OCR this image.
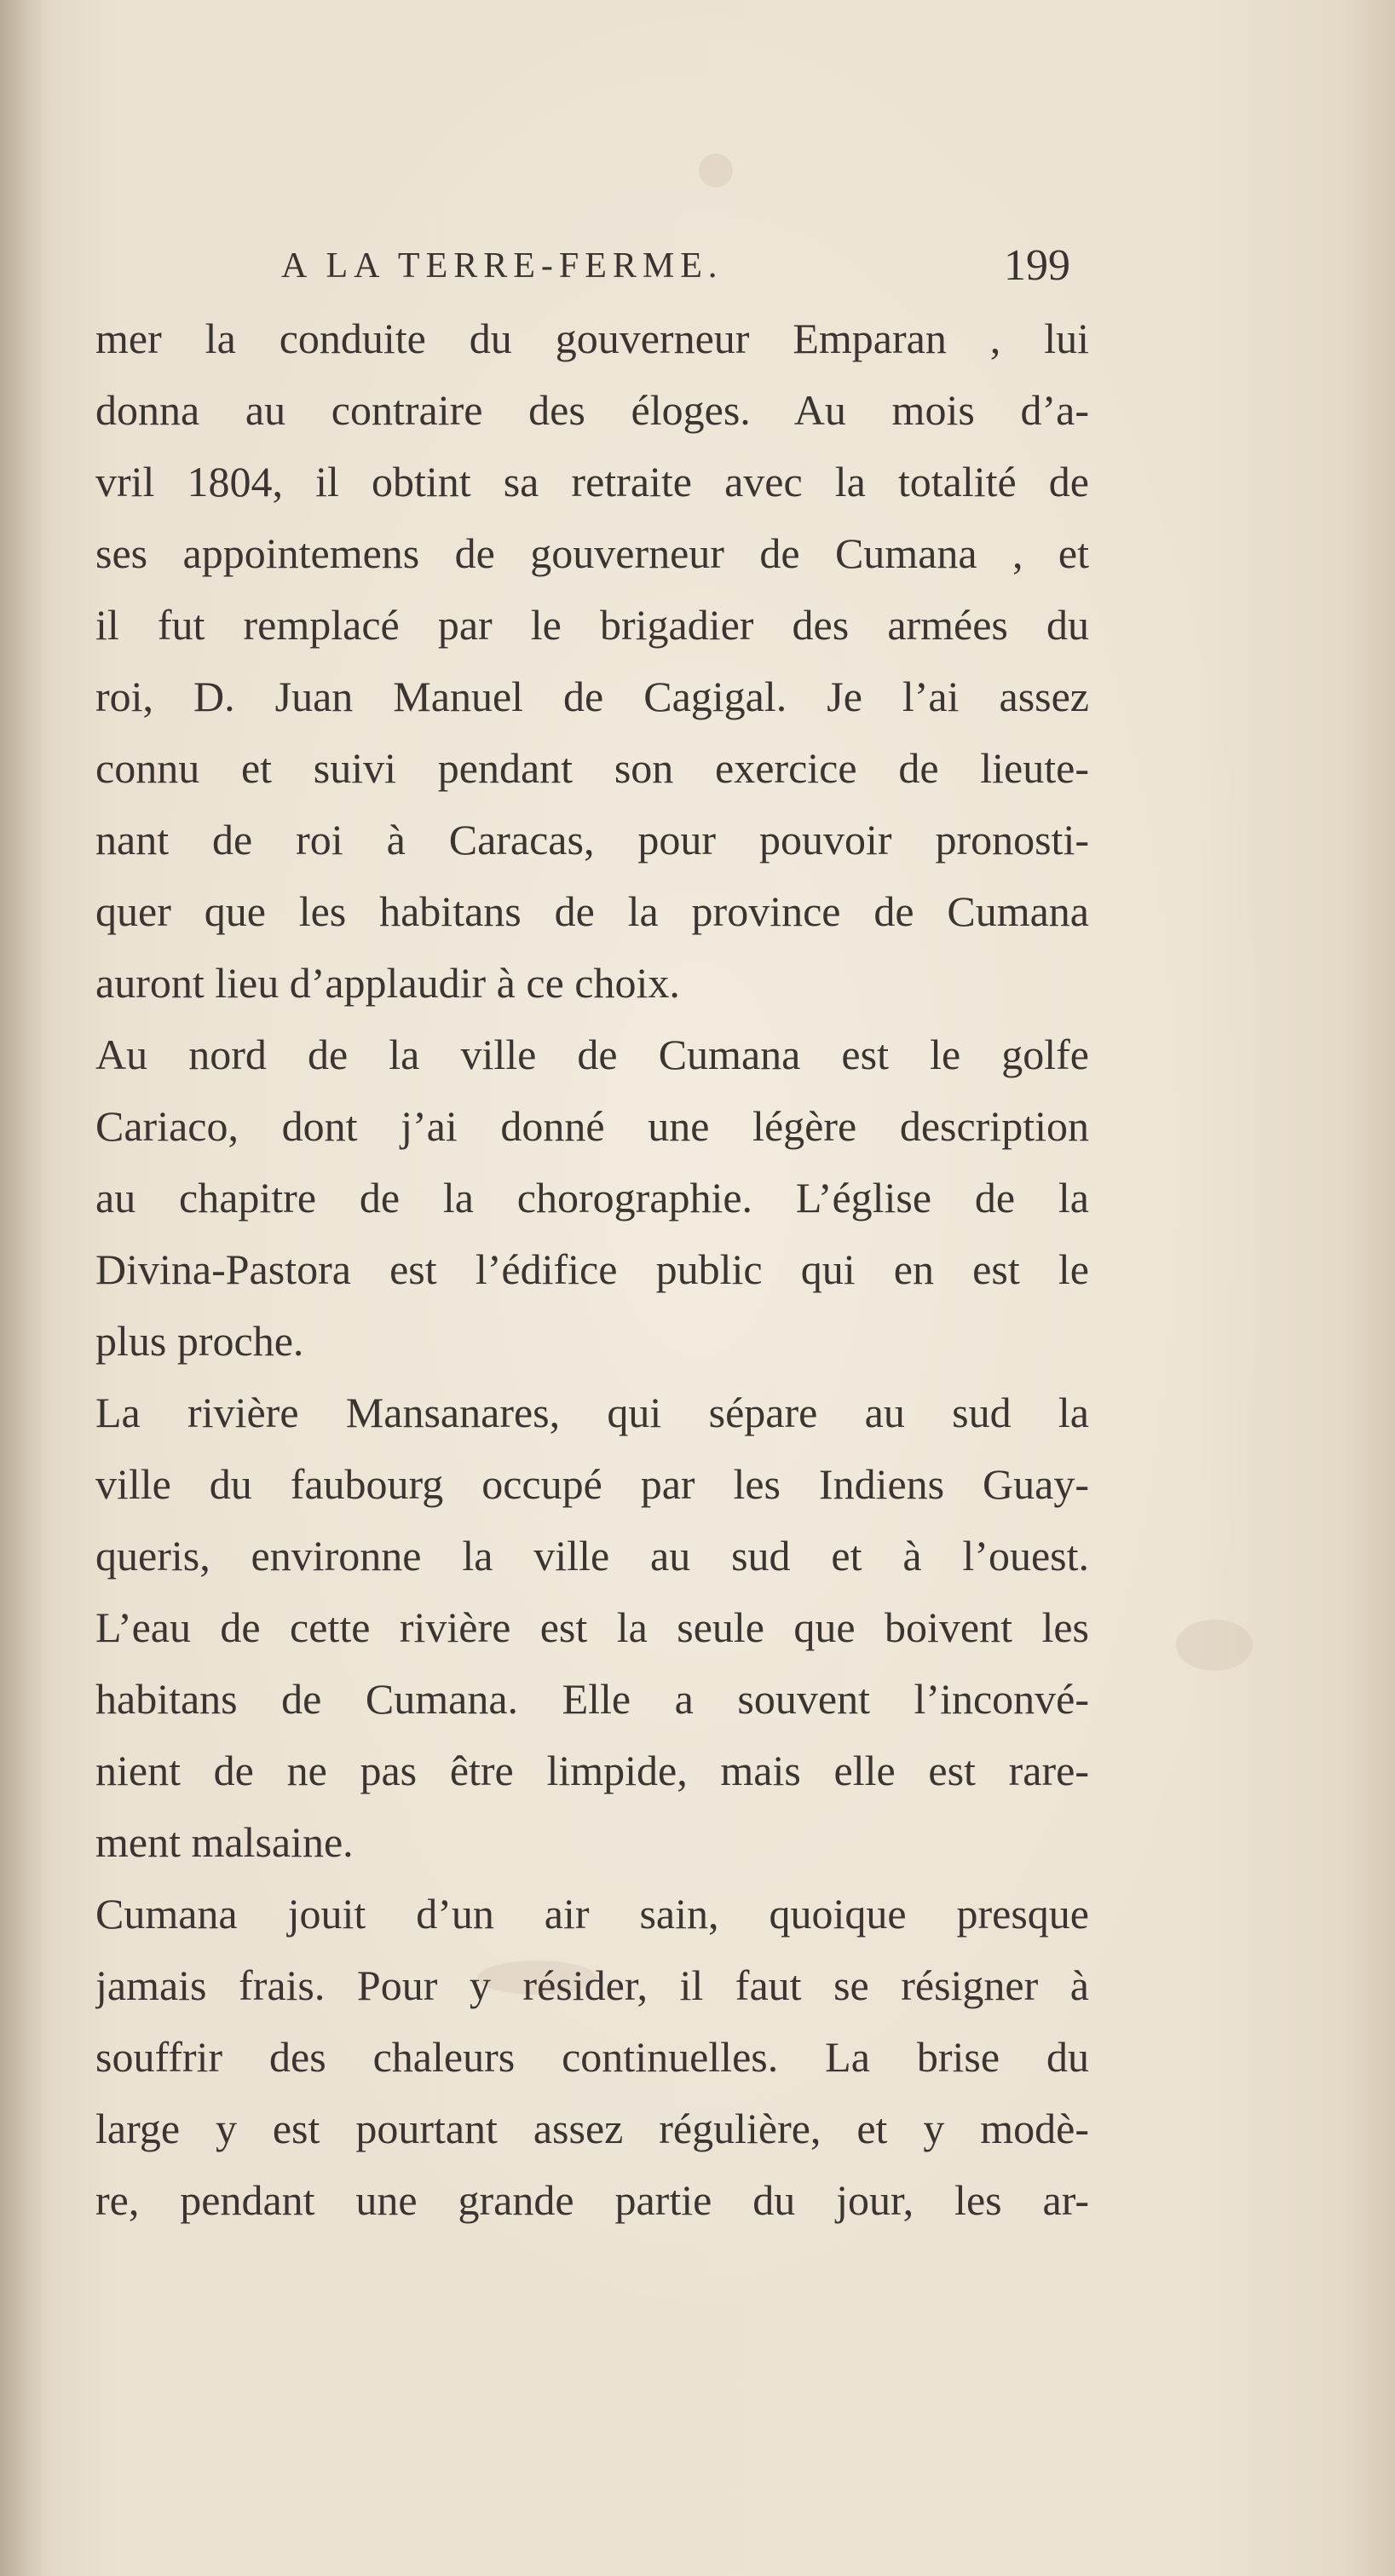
A LA TERRE-FERME.	199
mer la conduite du gouverneur Emparan , lui
donna au contraire des éloges. Au mois d’a-
vril 1804, il obtint sa retraite avec la totalité de
ses appointemens de gouverneur de Cumana , et
il fut remplacé par le brigadier des armées du
roi, D. Juan Manuel de Cagigal. Je l’ai assez
connu et suivi pendant son exercice de lieute-
nant de roi à Caracas, pour pouvoir pronosti-
quer que les habitans de la province de Cumana
auront lieu d’applaudir à ce choix.
Au nord de la ville de Cumana est le golfe
Cariaco, dont j’ai donné une légère description
au chapitre de la chorographie. L’église de la
Divina-Pastora est l’édifice public qui en est le
plus proche.
La rivière Mansanares, qui sépare au sud la
ville du faubourg occupé par les Indiens Guay-
queris, environne la ville au sud et à l’ouest.
L’eau de cette rivière est la seule que boivent les
habitans de Cumana. Elle a souvent l’inconvé-
nient de ne pas être limpide, mais elle est rare-
ment malsaine.
Cumana jouit d’un air sain, quoique presque
jamais frais. Pour y résider, il faut se résigner à
souffrir des chaleurs continuelles. La brise du
large y est pourtant assez régulière, et y modè-
re, pendant une grande partie du jour, les ar-
